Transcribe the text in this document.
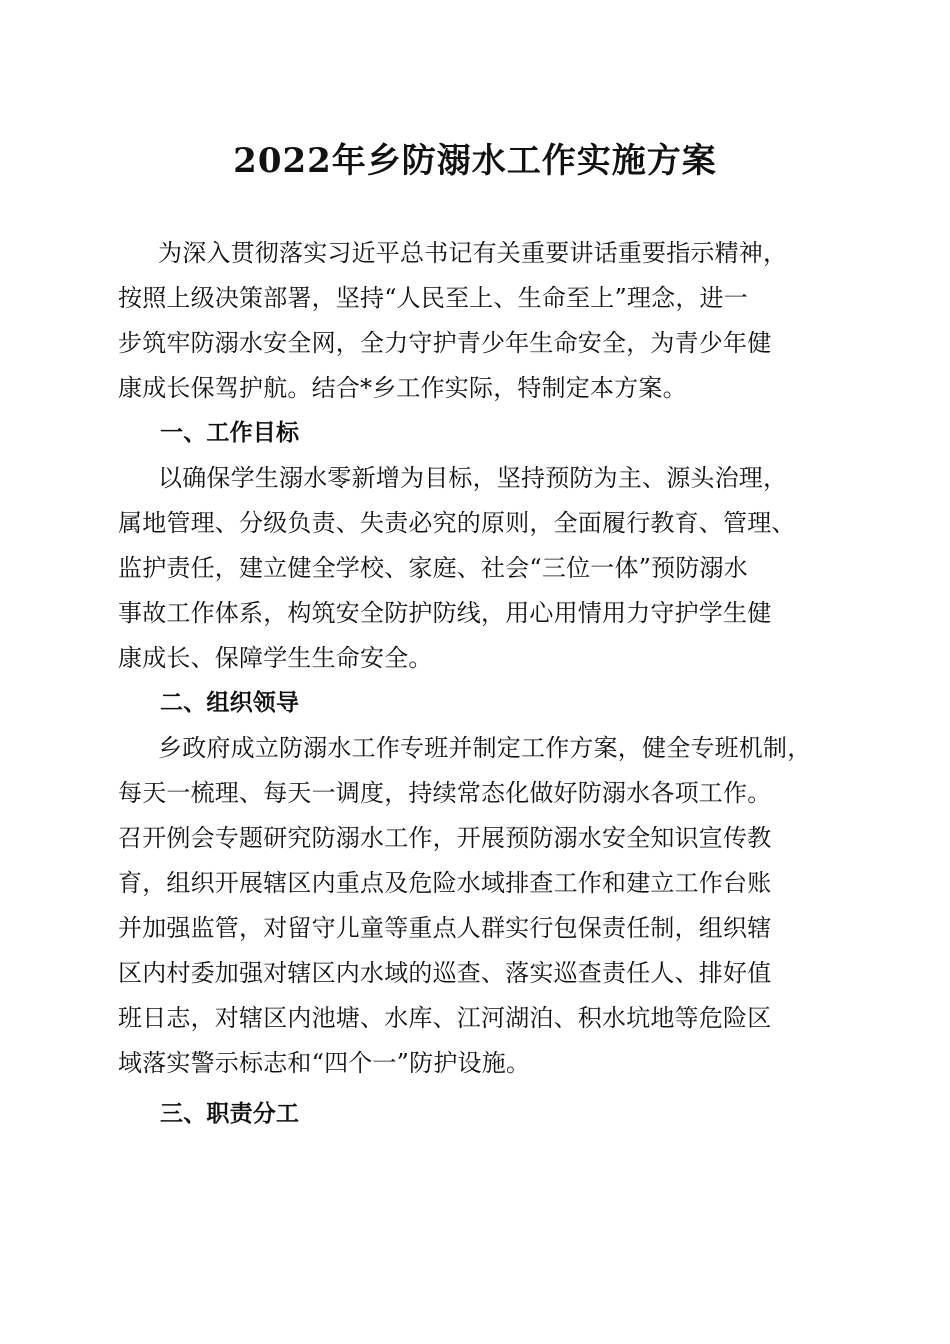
2022年乡防溺水工作实施方案
为深入贯彻落实习近平总书记有关重要讲话重要指示精神，
按照上级决策部署，坚持“人民至上、生命至上”理念，进一
步筑牢防溺水安全网，全力守护青少年生命安全，为青少年健
康成长保驾护航。结合*乡工作实际，特制定本方案。
一、工作目标
以确保学生溺水零新增为目标，坚持预防为主、源头治理，
属地管理、分级负责、失责必究的原则，全面履行教育、管理、
监护责任，建立健全学校、家庭、社会“三位一体”预防溺水
事故工作体系，构筑安全防护防线，用心用情用力守护学生健
康成长、保障学生生命安全。
二、组织领导
乡政府成立防溺水工作专班并制定工作方案，健全专班机制，
每天一梳理、每天一调度，持续常态化做好防溺水各项工作。
召开例会专题研究防溺水工作，开展预防溺水安全知识宣传教
育，组织开展辖区内重点及危险水域排查工作和建立工作台账
并加强监管，对留守儿童等重点人群实行包保责任制，组织辖
区内村委加强对辖区内水域的巡查、落实巡查责任人、排好值
班日志，对辖区内池塘、水库、江河湖泊、积水坑地等危险区
域落实警示标志和“四个一”防护设施。
三、职责分工
